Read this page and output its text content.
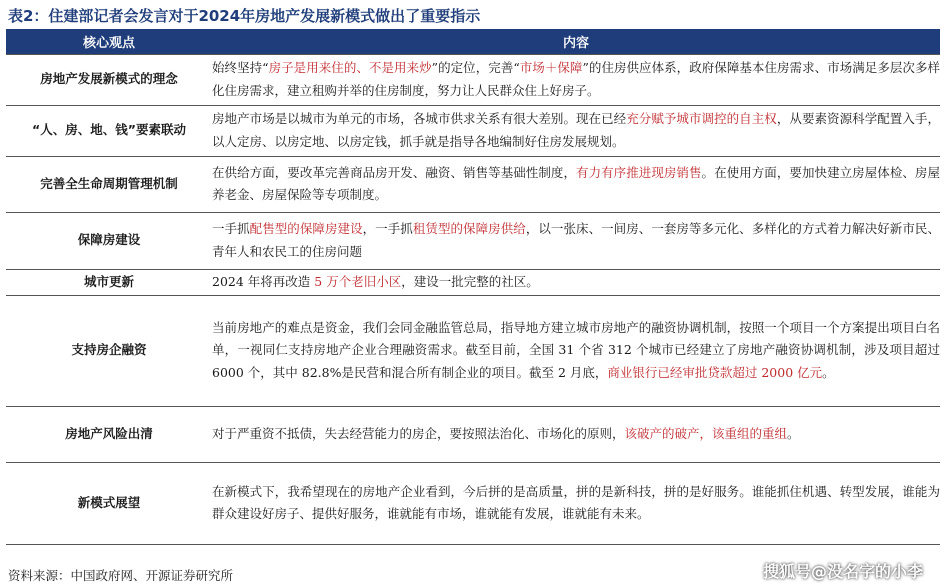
表2：住建部记者会发言对于2024年房地产发展新模式做出了重要指示
核心观点	内容
房地产发展新模式的理念	始终坚持“房子是用来住的、不是用来炒”的定位，完善“市场＋保障”的住房供应体系，政府保障基本住房需求、市场满足多层次多样化住房需求，建立租购并举的住房制度，努力让人民群众住上好房子。
“人、房、地、钱”要素联动	房地产市场是以城市为单元的市场，各城市供求关系有很大差别。现在已经充分赋予城市调控的自主权，从要素资源科学配置入手，以人定房、以房定地、以房定钱，抓手就是指导各地编制好住房发展规划。
完善全生命周期管理机制	在供给方面，要改革完善商品房开发、融资、销售等基础性制度，有力有序推进现房销售。在使用方面，要加快建立房屋体检、房屋养老金、房屋保险等专项制度。
保障房建设	一手抓配售型的保障房建设，一手抓租赁型的保障房供给，以一张床、一间房、一套房等多元化、多样化的方式着力解决好新市民、青年人和农民工的住房问题
城市更新	2024 年将再改造 5 万个老旧小区，建设一批完整的社区。
支持房企融资	当前房地产的难点是资金，我们会同金融监管总局，指导地方建立城市房地产的融资协调机制，按照一个项目一个方案提出项目白名单，一视同仁支持房地产企业合理融资需求。截至目前，全国 31 个省 312 个城市已经建立了房地产融资协调机制，涉及项目超过 6000 个，其中 82.8%是民营和混合所有制企业的项目。截至 2 月底，商业银行已经审批贷款超过 2000 亿元。
房地产风险出清	对于严重资不抵债，失去经营能力的房企，要按照法治化、市场化的原则，该破产的破产，该重组的重组。
新模式展望	在新模式下，我希望现在的房地产企业看到，今后拼的是高质量，拼的是新科技，拼的是好服务。谁能抓住机遇、转型发展，谁能为群众建设好房子、提供好服务，谁就能有市场，谁就能有发展，谁就能有未来。
资料来源：中国政府网、开源证券研究所	搜狐号@没名字的小李
